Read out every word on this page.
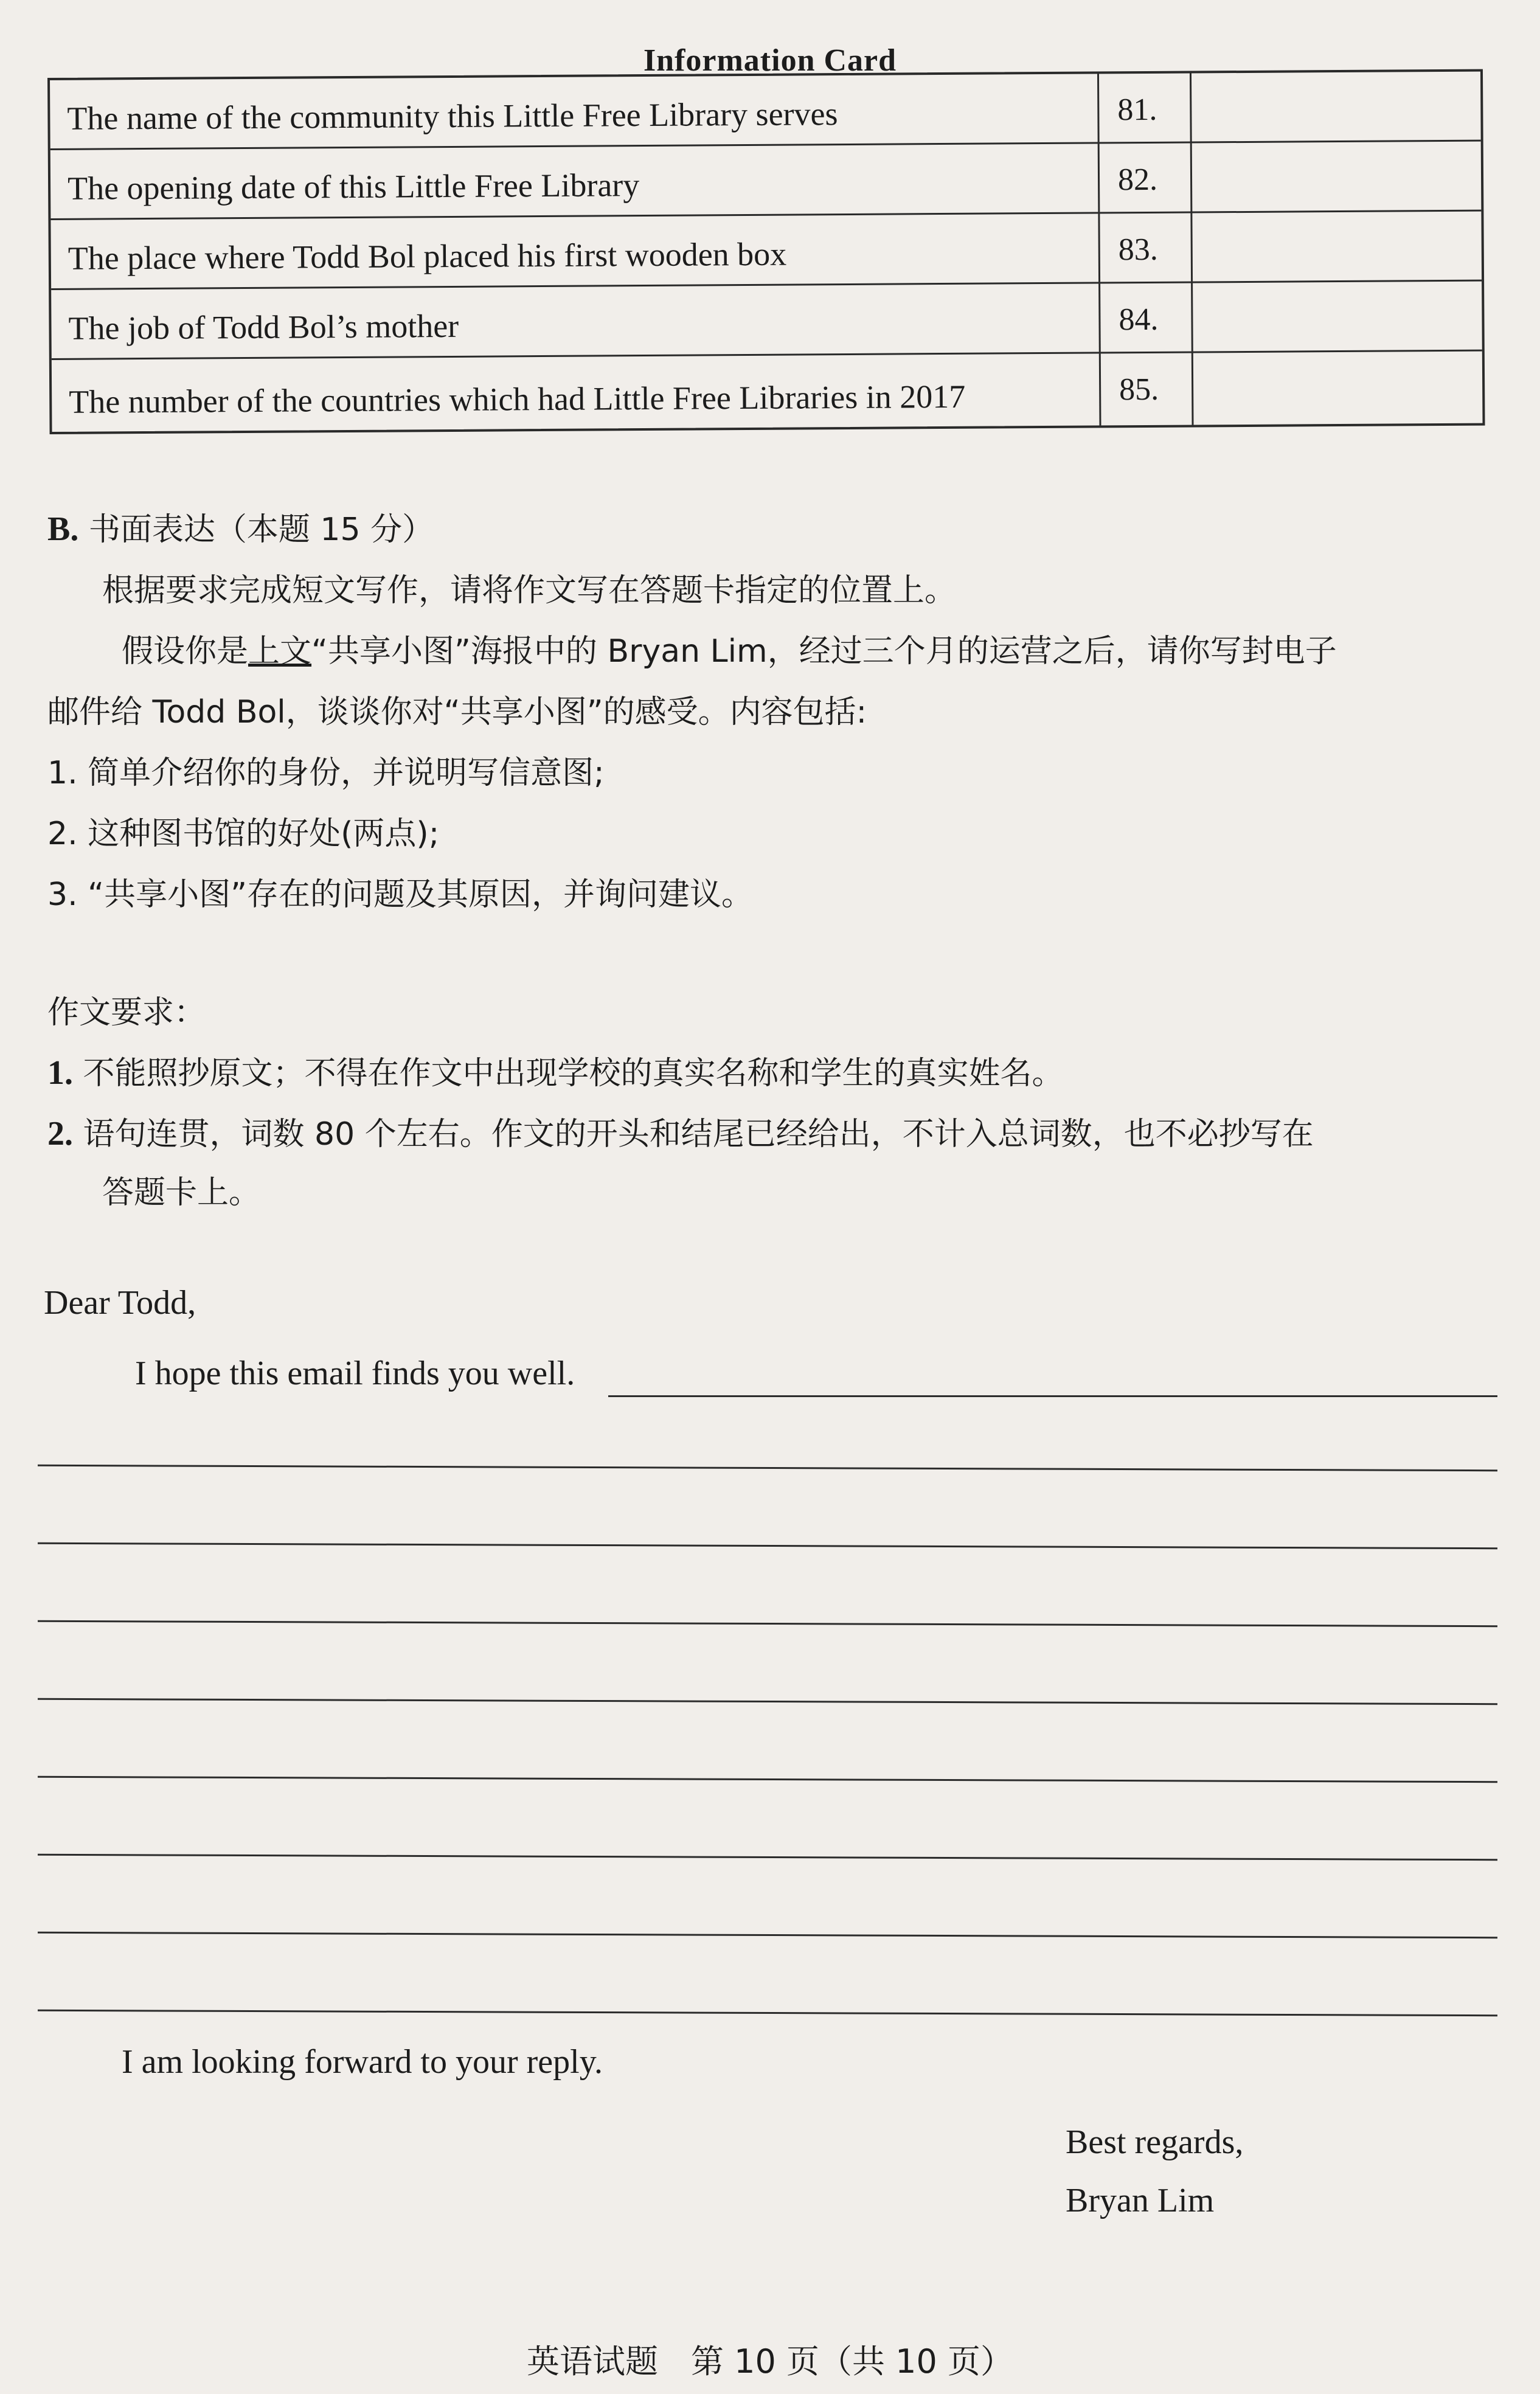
Information Card
The name of the community this Little Free Library serves	81.
The opening date of this Little Free Library	82.
The place where Todd Bol placed his first wooden box	83.
The job of Todd Bol’s mother	84.
The number of the countries which had Little Free Libraries in 2017	85.
B. 书面表达（本题 15 分）
根据要求完成短文写作，请将作文写在答题卡指定的位置上。
假设你是上文“共享小图”海报中的 Bryan Lim，经过三个月的运营之后，请你写封电子
邮件给 Todd Bol，谈谈你对“共享小图”的感受。内容包括:
1. 简单介绍你的身份，并说明写信意图;
2. 这种图书馆的好处(两点);
3. “共享小图”存在的问题及其原因，并询问建议。
作文要求：
1. 不能照抄原文；不得在作文中出现学校的真实名称和学生的真实姓名。
2. 语句连贯，词数 80 个左右。作文的开头和结尾已经给出，不计入总词数，也不必抄写在
答题卡上。
Dear Todd,
I hope this email finds you well.
I am looking forward to your reply.
Best regards,
Bryan Lim
英语试题　第 10 页（共 10 页）
